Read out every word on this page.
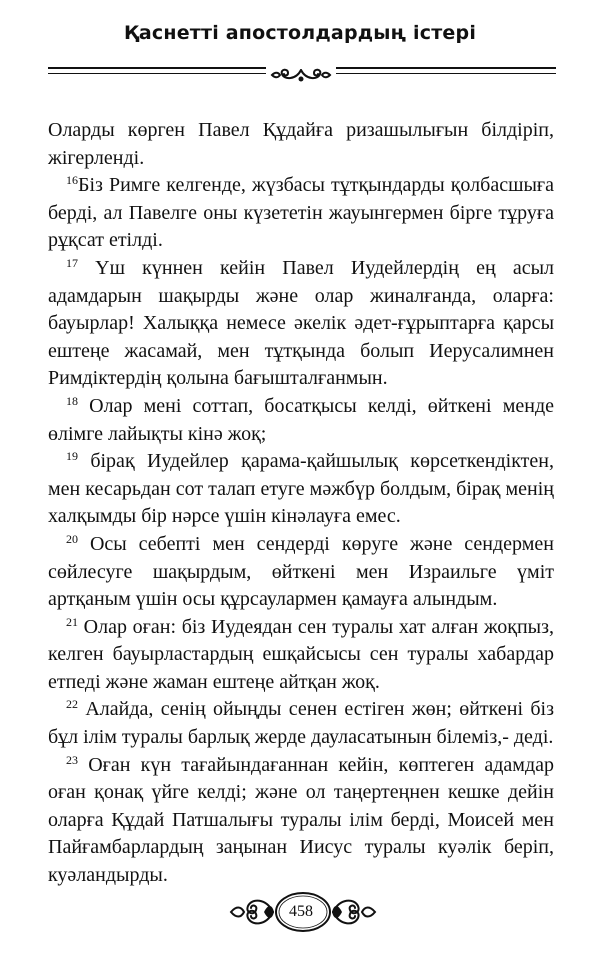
Қаснетті апостолдардың істері

Оларды көрген Павел Құдайға ризашылығын білдіріп, жігерленді.

$^{16}$Біз Римге келгенде, жүзбасы тұтқындарды қолбасшыға берді, ал Павелге оны күзететін жауынгермен бірге тұруға рұқсат етілді.

$^{17}$ Үш күннен кейін Павел Иудейлердің ең асыл адамдарын шақырды және олар жиналғанда, оларға: бауырлар! Халыққа немесе әкелік әдет-ғұрыптарға қарсы ештеңе жасамай, мен тұтқында болып Иерусалимнен Римдіктердің қолына бағышталғанмын.

$^{18}$ Олар мені соттап, босатқысы келді, өйткені менде өлімге лайықты кінә жоқ;

$^{19}$ бірақ Иудейлер қарама-қайшылық көрсеткендіктен, мен кесарьдан сот талап етуге мәжбүр болдым, бірақ менің халқымды бір нәрсе үшін кінәлауға емес.

$^{20}$ Осы себепті мен сендерді көруге және сендермен сөйлесуге шақырдым, өйткені мен Израильге үміт артқаным үшін осы құрсаулармен қамауға алындым.

$^{21}$ Олар оған: біз Иудеядан сен туралы хат алған жоқпыз, келген бауырластардың ешқайсысы сен туралы хабардар етпеді және жаман ештеңе айтқан жоқ.

$^{22}$ Алайда, сенің ойыңды сенен естіген жөн; өйткені біз бұл ілім туралы барлық жерде дауласатынын білеміз,- деді.

$^{23}$ Оған күн тағайындағаннан кейін, көптеген адамдар оған қонақ үйге келді; және ол таңертеңнен кешке дейін оларға Құдай Патшалығы туралы ілім берді, Моисей мен Пайғамбарлардың заңынан Иисус туралы куәлік беріп, куәландырды.

458
